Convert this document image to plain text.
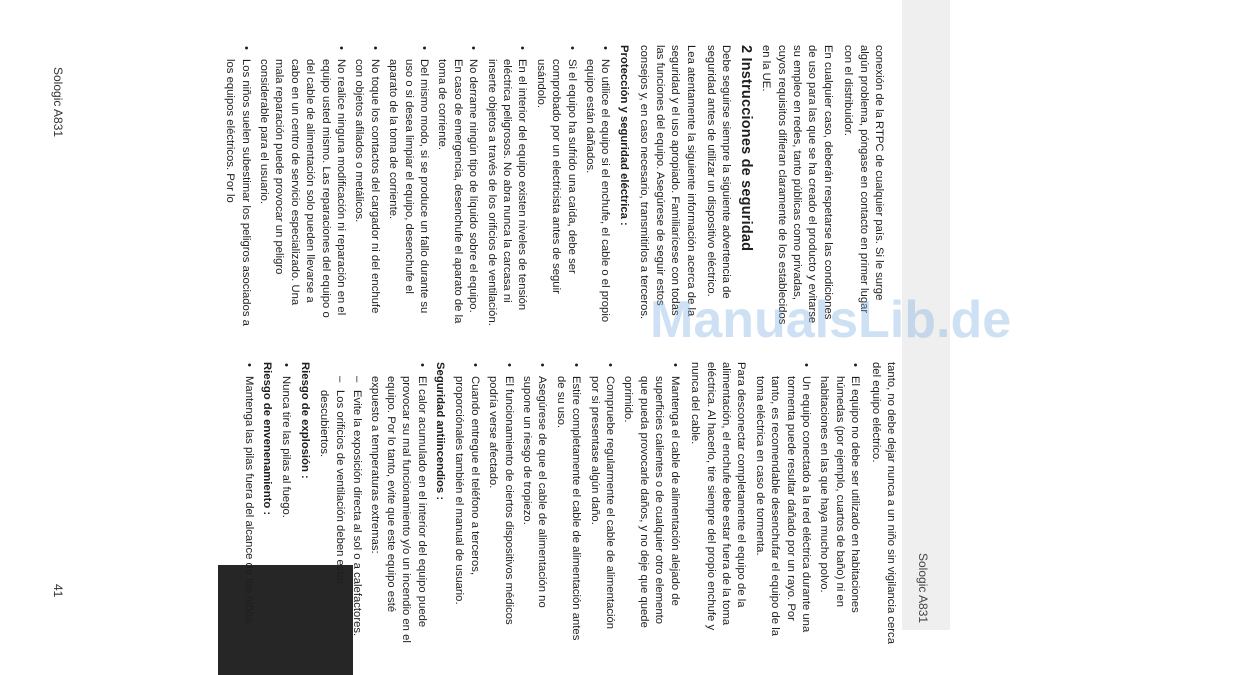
Sologic A831

conexión de la RTPC de cualquier país. Si le surge algún problema, póngase en contacto en primer lugar con el distribuidor.

En cualquier caso, deberán respetarse las condiciones de uso para las que se ha creado el producto y evitarse su empleo en redes, tanto públicas como privadas, cuyos requisitos difieran claramente de los establecidos en la UE.

2 Instrucciones de seguridad

Debe seguirse siempre la siguiente advertencia de seguridad antes de utilizar un dispositivo eléctrico.

Lea atentamente la siguiente información acerca de la seguridad y el uso apropiado. Familiarícese con todas las funciones del equipo. Asegúrese de seguir estos consejos y, en caso necesario, transmitirlos a terceros.

Protección y seguridad eléctrica :
• No utilice el equipo si el enchufe, el cable o el propio equipo están dañados.
• Si el equipo ha sufrido una caída, debe ser comprobado por un electricista antes de seguir usándolo.
• En el interior del equipo existen niveles de tensión eléctrica peligrosos. No abra nunca la carcasa ni inserte objetos a través de los orificios de ventilación.
• No derrame ningún tipo de líquido sobre el equipo. En caso de emergencia, desenchufe el aparato de la toma de corriente.
• Del mismo modo, si se produce un fallo durante su uso o si desea limpiar el equipo, desenchufe el aparato de la toma de corriente.
• No toque los contactos del cargador ni del enchufe con objetos afilados o metálicos.
• No realice ninguna modificación ni reparación en el equipo usted mismo. Las reparaciones del equipo o del cable de alimentación solo pueden llevarse a cabo en un centro de servicio especializado. Una mala reparación puede provocar un peligro considerable para el usuario.
• Los niños suelen subestimar los peligros asociados a los equipos eléctricos. Por lo

tanto, no debe dejar nunca a un niño sin vigilancia cerca del equipo eléctrico.

• El equipo no debe ser utilizado en habitaciones húmedas (por ejemplo, cuartos de baño) ni en habitaciones en las que haya mucho polvo.
• Un equipo conectado a la red eléctrica durante una tormenta puede resultar dañado por un rayo. Por tanto, es recomendable desenchufar el equipo de la toma eléctrica en caso de tormenta.

Para desconectar completamente el equipo de la alimentación, el enchufe debe estar fuera de la toma eléctrica. Al hacerlo, tire siempre del propio enchufe y nunca del cable.

• Mantenga el cable de alimentación alejado de superficies calientes o de cualquier otro elemento que pueda provocarle daños, y no deje que quede oprimido.
• Compruebe regularmente el cable de alimentación por si presentase algún daño.
• Estire completamente el cable de alimentación antes de su uso.
• Asegúrese de que el cable de alimentación no supone un riesgo de tropiezo.
• El funcionamiento de ciertos dispositivos médicos podría verse afectado.
• Cuando entregue el teléfono a terceros, proporciónales también el manual de usuario.
Seguridad antiincendios :
• El calor acumulado en el interior del equipo puede provocar su mal funcionamiento y/o un incendio en el equipo. Por lo tanto, evite que este equipo esté expuesto a temperaturas extremas:
– Evite la exposición directa al sol o a calefactores.
– Los orificios de ventilación deben estar descubiertos.
Riesgo de explosión :
• Nunca tire las pilas al fuego.
Riesgo de envenenamiento :
• Mantenga las pilas fuera del alcance de los niños.
Sologic A831
41
ManualsLib.de
